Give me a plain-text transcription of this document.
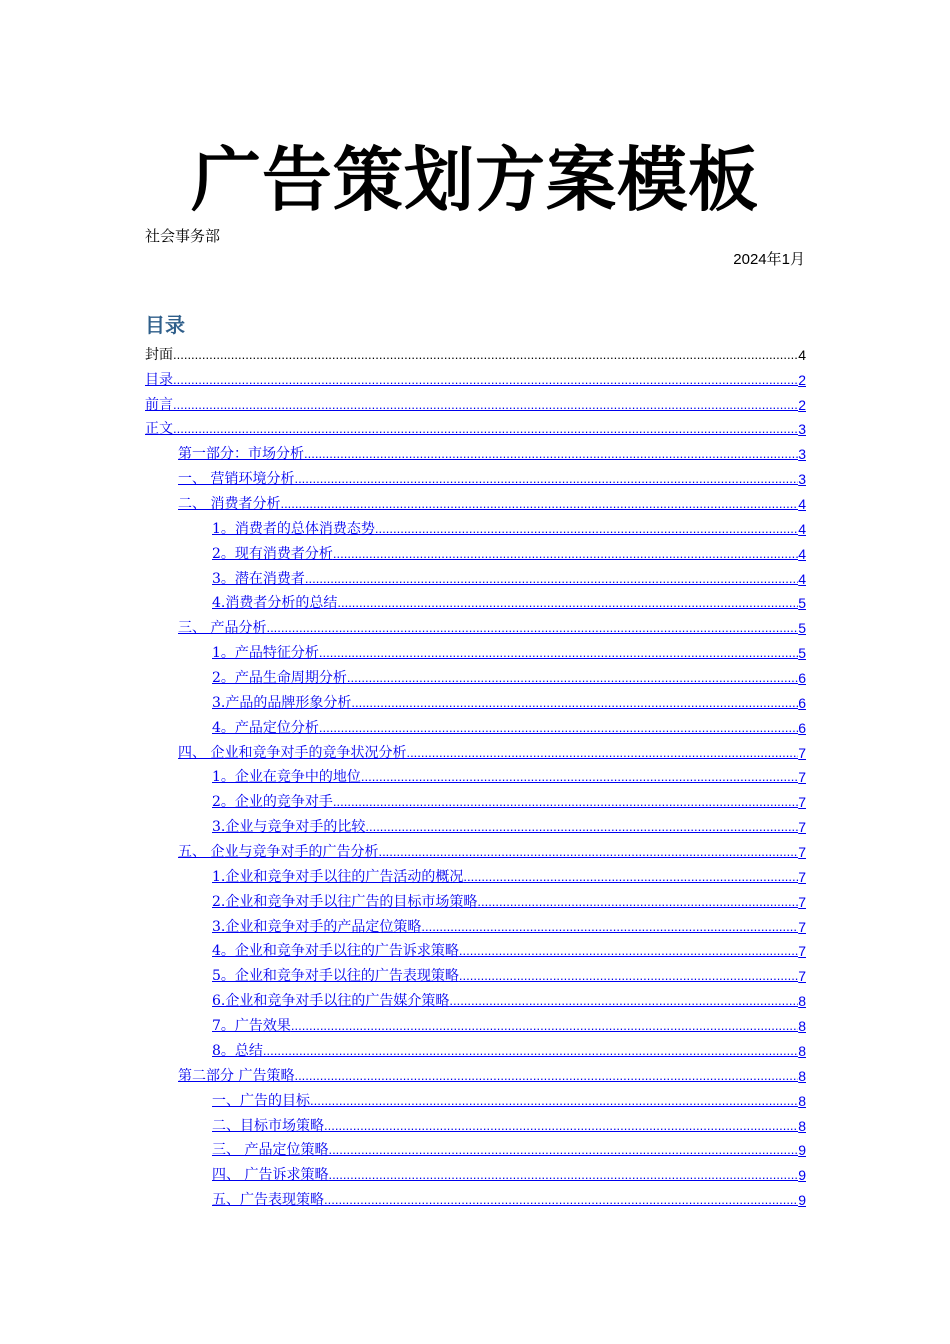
广告策划方案模板
社会事务部
2024年1月
目录
封面 .....	4
目录 .....	2
前言 .....	2
正文 .....	3
第一部分：市场分析 .....	3
一、 营销环境分析 .....	3
二、 消费者分析 .....	4
1。消费者的总体消费态势 .....	4
2。现有消费者分析 .....	4
3。潜在消费者 .....	4
4.消费者分析的总结 .....	5
三、 产品分析 .....	5
1。产品特征分析 .....	5
2。产品生命周期分析 .....	6
3.产品的品牌形象分析 .....	6
4。产品定位分析 .....	6
四、 企业和竞争对手的竞争状况分析 .....	7
1。企业在竞争中的地位 .....	7
2。企业的竞争对手 .....	7
3.企业与竞争对手的比较 .....	7
五、 企业与竞争对手的广告分析 .....	7
1.企业和竞争对手以往的广告活动的概况 .....	7
2.企业和竞争对手以往广告的目标市场策略 .....	7
3.企业和竞争对手的产品定位策略 .....	7
4。企业和竞争对手以往的广告诉求策略 .....	7
5。企业和竞争对手以往的广告表现策略 .....	7
6.企业和竞争对手以往的广告媒介策略 .....	8
7。广告效果 .....	8
8。总结 .....	8
第二部分 广告策略 .....	8
一、广告的目标 .....	8
二、目标市场策略 .....	8
三、 产品定位策略 .....	9
四、 广告诉求策略 .....	9
五、广告表现策略 .....	9
